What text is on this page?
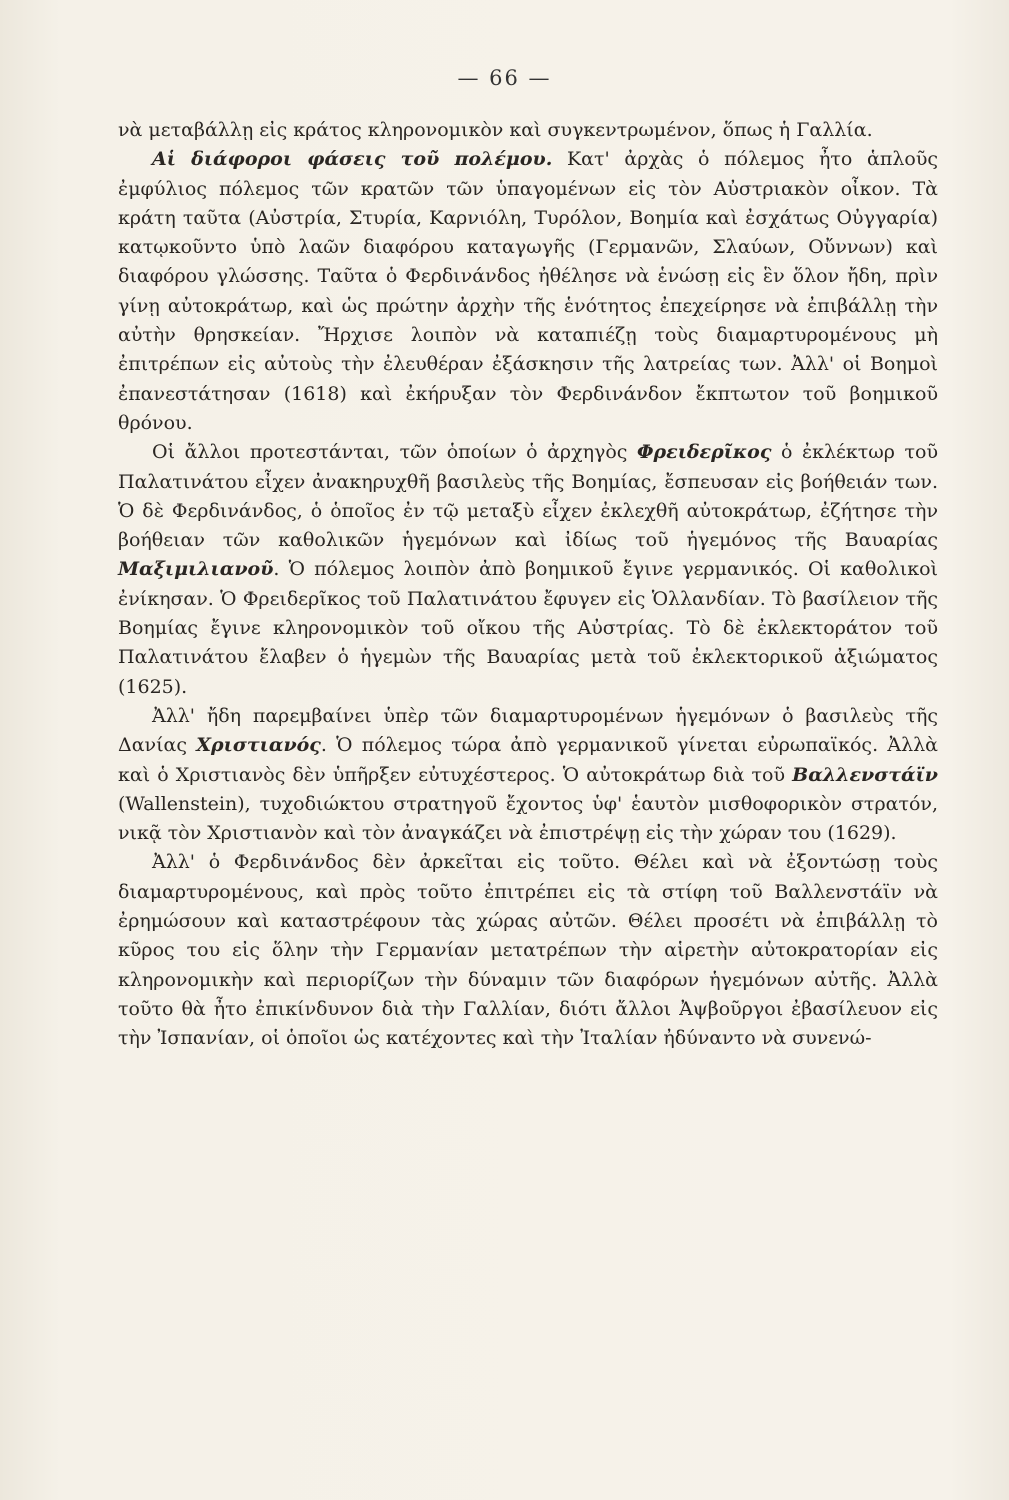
— 66 —

νὰ μεταβάλλῃ εἰς κράτος κληρονομικὸν καὶ συγκεντρωμένον, ὅπως ἡ Γαλλία.

Αἱ διάφοροι φάσεις τοῦ πολέμου. Κατ' ἀρχὰς ὁ πόλεμος ἦτο ἁπλοῦς ἐμφύλιος πόλεμος τῶν κρατῶν τῶν ὑπαγομένων εἰς τὸν Αὐστριακὸν οἶκον. Τὰ κράτη ταῦτα (Αὐστρία, Στυρία, Καρνιόλη, Τυρόλον, Βοημία καὶ ἐσχάτως Οὐγγαρία) κατῳκοῦντο ὑπὸ λαῶν διαφόρου καταγωγῆς (Γερμανῶν, Σλαύων, Οὔννων) καὶ διαφόρου γλώσσης. Ταῦτα ὁ Φερδινάνδος ἠθέλησε νὰ ἑνώσῃ εἰς ἓν ὅλον ἤδη, πρὶν γίνῃ αὐτοκράτωρ, καὶ ὡς πρώτην ἀρχὴν τῆς ἑνότητος ἐπεχείρησε νὰ ἐπιβάλλῃ τὴν αὐτὴν θρησκείαν. Ἤρχισε λοιπὸν νὰ καταπιέζῃ τοὺς διαμαρτυρομένους μὴ ἐπιτρέπων εἰς αὐτοὺς τὴν ἐλευθέραν ἐξάσκησιν τῆς λατρείας των. Ἀλλ' οἱ Βοημοὶ ἐπανεστάτησαν (1618) καὶ ἐκήρυξαν τὸν Φερδινάνδον ἔκπτωτον τοῦ βοημικοῦ θρόνου.

Οἱ ἄλλοι προτεστάνται, τῶν ὁποίων ὁ ἀρχηγὸς Φρειδερῖκος ὁ ἐκλέκτωρ τοῦ Παλατινάτου εἶχεν ἀνακηρυχθῆ βασιλεὺς τῆς Βοημίας, ἔσπευσαν εἰς βοήθειάν των. Ὁ δὲ Φερδινάνδος, ὁ ὁποῖος ἐν τῷ μεταξὺ εἶχεν ἐκλεχθῆ αὐτοκράτωρ, ἐζήτησε τὴν βοήθειαν τῶν καθολικῶν ἡγεμόνων καὶ ἰδίως τοῦ ἡγεμόνος τῆς Βαυαρίας Μαξιμιλιανοῦ. Ὁ πόλεμος λοιπὸν ἀπὸ βοημικοῦ ἔγινε γερμανικός. Οἱ καθολικοὶ ἐνίκησαν. Ὁ Φρειδερῖκος τοῦ Παλατινάτου ἔφυγεν εἰς Ὁλλανδίαν. Τὸ βασίλειον τῆς Βοημίας ἔγινε κληρονομικὸν τοῦ οἴκου τῆς Αὐστρίας. Τὸ δὲ ἐκλεκτοράτον τοῦ Παλατινάτου ἔλαβεν ὁ ἡγεμὼν τῆς Βαυαρίας μετὰ τοῦ ἐκλεκτορικοῦ ἀξιώματος (1625).

Ἀλλ' ἤδη παρεμβαίνει ὑπὲρ τῶν διαμαρτυρομένων ἡγεμόνων ὁ βασιλεὺς τῆς Δανίας Χριστιανός. Ὁ πόλεμος τώρα ἀπὸ γερμανικοῦ γίνεται εὐρωπαϊκός. Ἀλλὰ καὶ ὁ Χριστιανὸς δὲν ὑπῆρξεν εὐτυχέστερος. Ὁ αὐτοκράτωρ διὰ τοῦ Βαλλενστάϊν (Wallenstein), τυχοδιώκτου στρατηγοῦ ἔχοντος ὑφ' ἑαυτὸν μισθοφορικὸν στρατόν, νικᾷ τὸν Χριστιανὸν καὶ τὸν ἀναγκάζει νὰ ἐπιστρέψῃ εἰς τὴν χώραν του (1629).

Ἀλλ' ὁ Φερδινάνδος δὲν ἀρκεῖται εἰς τοῦτο. Θέλει καὶ νὰ ἐξοντώσῃ τοὺς διαμαρτυρομένους, καὶ πρὸς τοῦτο ἐπιτρέπει εἰς τὰ στίφη τοῦ Βαλλενστάϊν νὰ ἐρημώσουν καὶ καταστρέφουν τὰς χώρας αὐτῶν. Θέλει προσέτι νὰ ἐπιβάλλῃ τὸ κῦρος του εἰς ὅλην τὴν Γερμανίαν μετατρέπων τὴν αἱρετὴν αὐτοκρατορίαν εἰς κληρονομικὴν καὶ περιορίζων τὴν δύναμιν τῶν διαφόρων ἡγεμόνων αὐτῆς. Ἀλλὰ τοῦτο θὰ ἦτο ἐπικίνδυνον διὰ τὴν Γαλλίαν, διότι ἄλλοι Ἀψβοῦργοι ἐβασίλευον εἰς τὴν Ἰσπανίαν, οἱ ὁποῖοι ὡς κατέχοντες καὶ τὴν Ἰταλίαν ἠδύναντο νὰ συνενώ-
